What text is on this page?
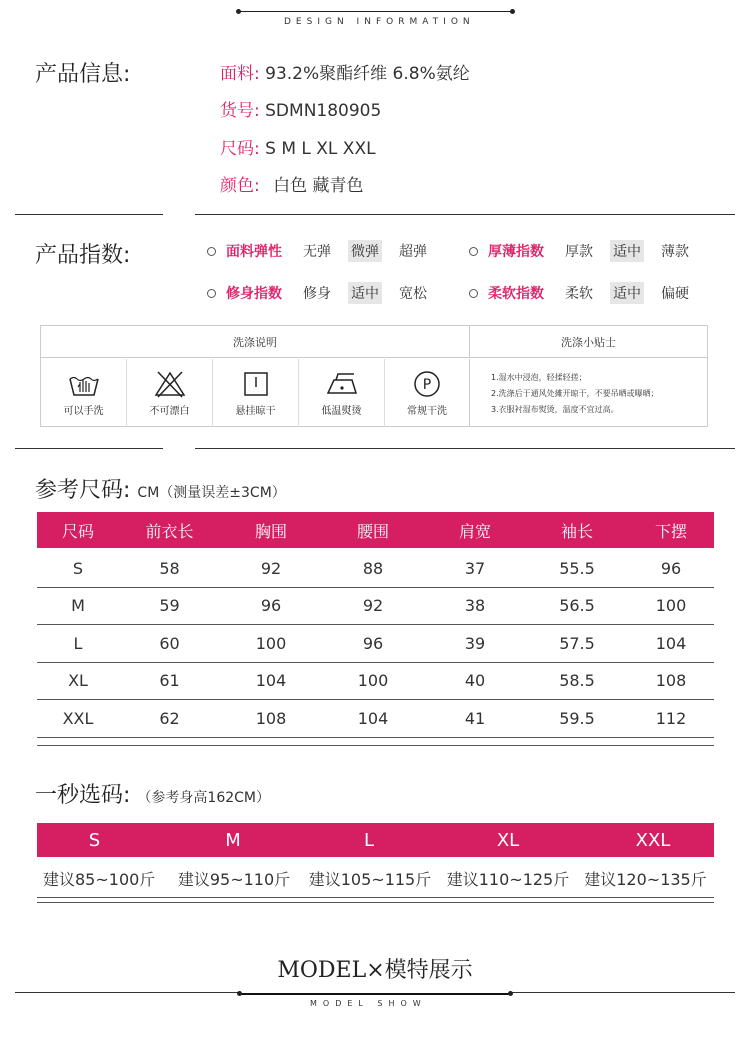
DESIGN INFORMATION
产品信息:	面料: 93.2%聚酯纤维 6.8%氨纶
货号: SDMN180905
尺码: S M L XL XXL
颜色: 白色 藏青色
产品指数:	面料弹性 无弹 微弹 超弹	厚薄指数 厚款 适中 薄款
修身指数 修身 适中 宽松	柔软指数 柔软 适中 偏硬
洗涤说明	洗涤小贴士
可以手洗	不可漂白	悬挂晾干	低温熨烫
P
常规干洗
1.湿水中浸泡，轻揉轻搓；
2.洗涤后于通风处摊开晾干，不要吊晒或曝晒；
3.衣服衬湿布熨烫，温度不宜过高。
参考尺码: CM（测量误差±3CM）
尺码	前衣长	胸围	腰围	肩宽	袖长	下摆
S	58	92	88	37	55.5	96
M	59	96	92	38	56.5	100
L	60	100	96	39	57.5	104
XL	61	104	100	40	58.5	108
XXL	62	108	104	41	59.5	112
一秒选码: （参考身高162CM）
S	M	L	XL	XXL
建议85~100斤	建议95~110斤	建议105~115斤 建议110~125斤 建议120~135斤
MODEL×模特展示
MODEL SHOW
